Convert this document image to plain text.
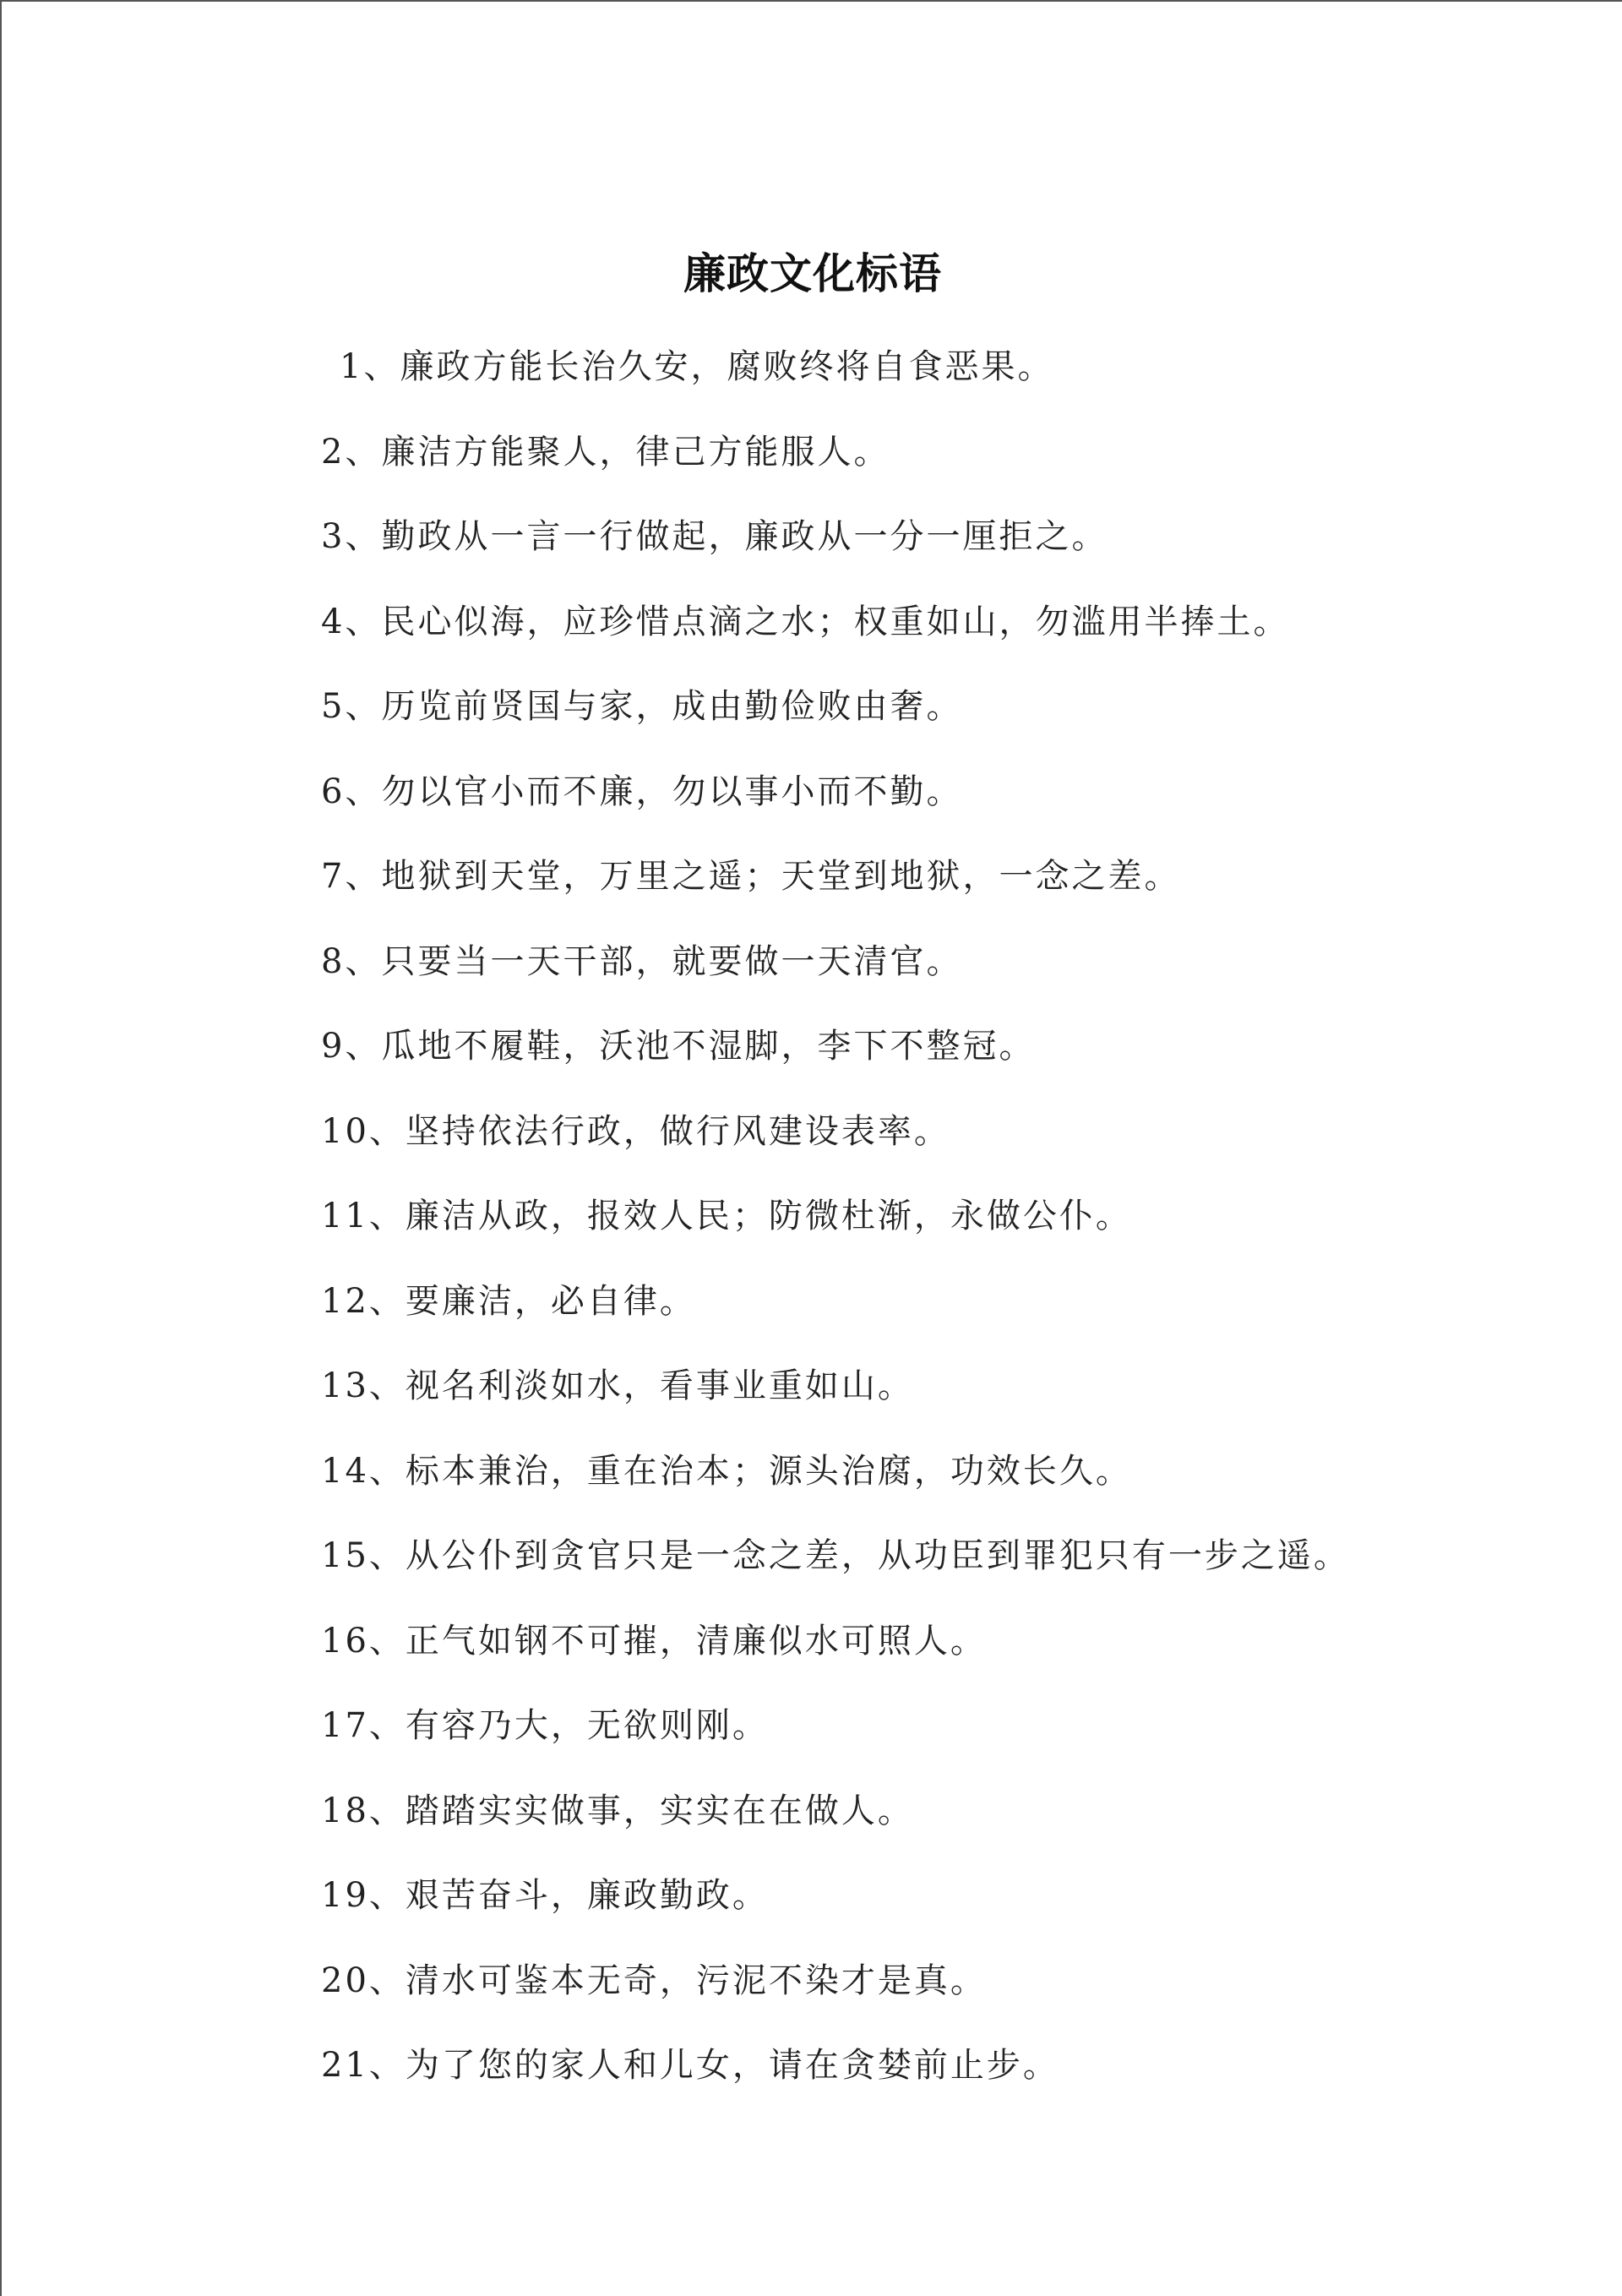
廉政文化标语
1、廉政方能长治久安，腐败终将自食恶果。
2、廉洁方能聚人，律己方能服人。
3、勤政从一言一行做起，廉政从一分一厘拒之。
4、民心似海，应珍惜点滴之水；权重如山，勿滥用半捧土。
5、历览前贤国与家，成由勤俭败由奢。
6、勿以官小而不廉，勿以事小而不勤。
7、地狱到天堂，万里之遥；天堂到地狱，一念之差。
8、只要当一天干部，就要做一天清官。
9、瓜地不履鞋，沃池不湿脚，李下不整冠。
10、坚持依法行政，做行风建设表率。
11、廉洁从政，报效人民；防微杜渐，永做公仆。
12、要廉洁，必自律。
13、视名利淡如水，看事业重如山。
14、标本兼治，重在治本；源头治腐，功效长久。
15、从公仆到贪官只是一念之差，从功臣到罪犯只有一步之遥。
16、正气如钢不可摧，清廉似水可照人。
17、有容乃大，无欲则刚。
18、踏踏实实做事，实实在在做人。
19、艰苦奋斗，廉政勤政。
20、清水可鉴本无奇，污泥不染才是真。
21、为了您的家人和儿女，请在贪婪前止步。
